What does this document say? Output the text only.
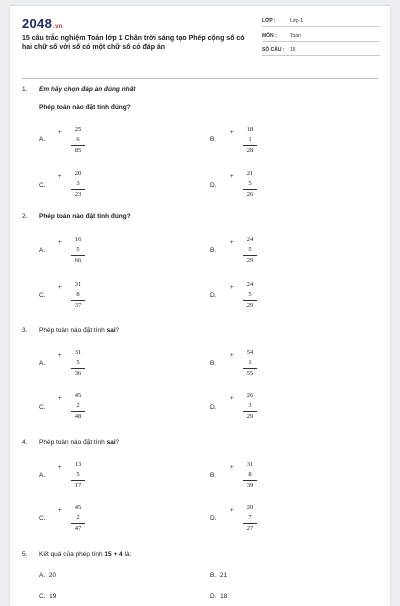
2048.vn
15 câu trắc nghiệm Toán lớp 1 Chân trời sáng tạo Phép cộng số có hai chữ số với số có một chữ số có đáp án
LỚP :	Lớp 1
MÔN :	Toán
SỐ CÂU : 15
1. Em hãy chọn đáp án đúng nhất
Phép toán nào đặt tính đúng?
A.
+	25
6
85
B.
+	18
1
28
C.
+	20
3
23
D.
+	21
5
26
2. Phép toán nào đặt tính đúng?
A.
+	16
5
66
B.
+	24
5
29
C.
+	31
8
37
D.
+	24
5
29
3. Phép toán nào đặt tính sai?
A.
+	31
5
36
B.
+	54
1
55
C.
+	45
2
48
D.
+	26
3
29
4. Phép toán nào đặt tính sai?
A.
+	13
5
17
B.
+	31
8
39
C.
+	45
2
47
D.
+	20
7
27
5. Kết quả của phép tính 15 + 4 là:
A. 20	B. 21
C. 19	D. 18
